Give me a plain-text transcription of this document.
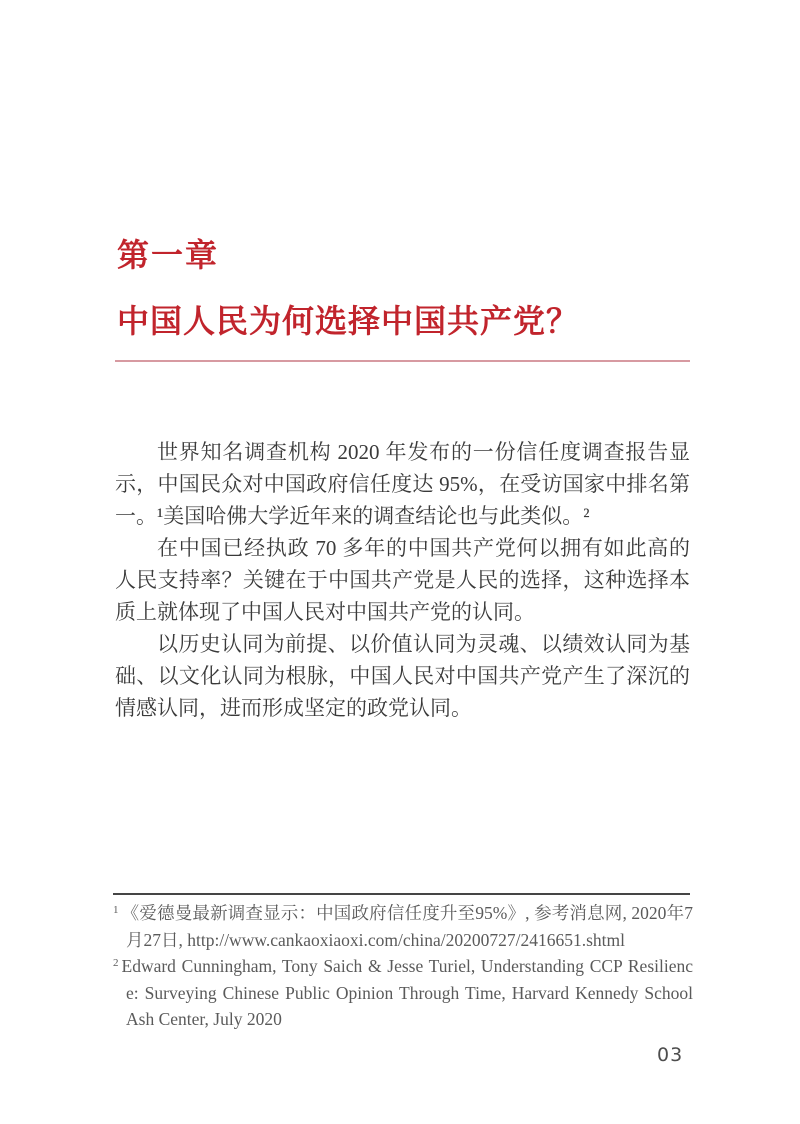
第一章
中国人民为何选择中国共产党？

世界知名调查机构 2020 年发布的一份信任度调查报告显示，中国民众对中国政府信任度达 95%，在受访国家中排名第一。¹美国哈佛大学近年来的调查结论也与此类似。²

在中国已经执政 70 多年的中国共产党何以拥有如此高的人民支持率？关键在于中国共产党是人民的选择，这种选择本质上就体现了中国人民对中国共产党的认同。

以历史认同为前提、以价值认同为灵魂、以绩效认同为基础、以文化认同为根脉，中国人民对中国共产党产生了深沉的情感认同，进而形成坚定的政党认同。

$^1$ 《爱德曼最新调查显示：中国政府信任度升至95%》, 参考消息网, 2020年7月27日, http://www.cankaoxiaoxi.com/china/20200727/2416651.shtml

$^2$ Edward Cunningham, Tony Saich & Jesse Turiel, Understanding CCP Resilience: Surveying Chinese Public Opinion Through Time, Harvard Kennedy School Ash Center, July 2020

03
